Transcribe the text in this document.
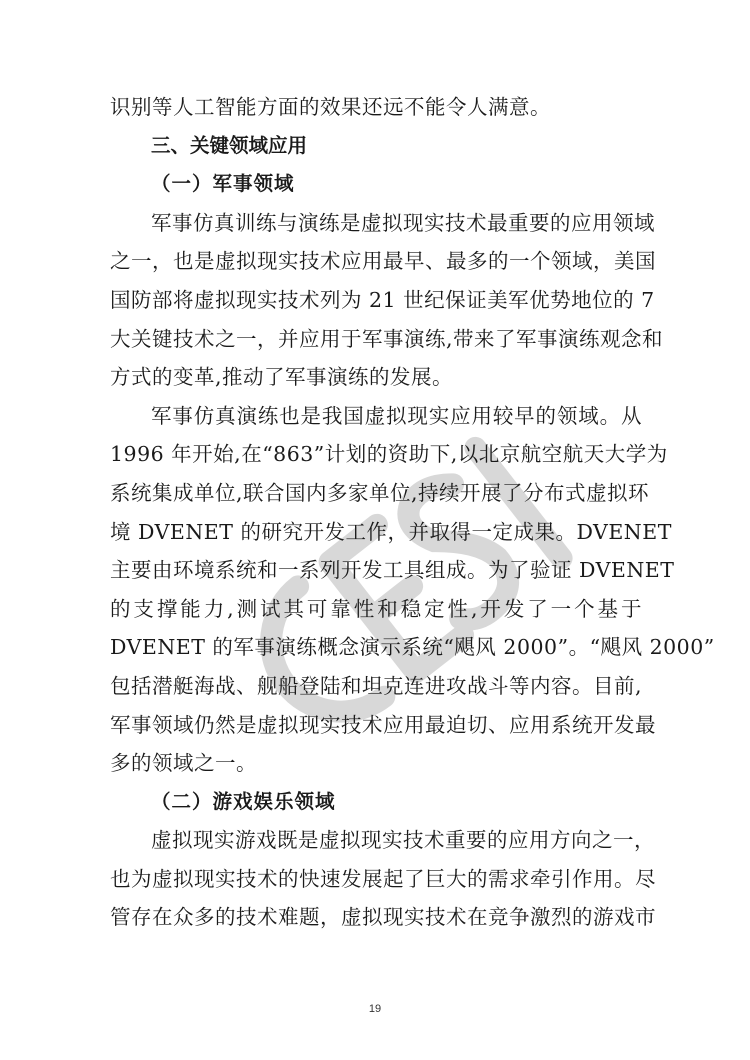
识别等人工智能方面的效果还远不能令人满意。
三、关键领域应用
（一）军事领域
军事仿真训练与演练是虚拟现实技术最重要的应用领域
之一，也是虚拟现实技术应用最早、最多的一个领域，美国
国防部将虚拟现实技术列为 21 世纪保证美军优势地位的 7
大关键技术之一，并应用于军事演练,带来了军事演练观念和
方式的变革,推动了军事演练的发展。
军事仿真演练也是我国虚拟现实应用较早的领域。从
1996 年开始,在“863”计划的资助下,以北京航空航天大学为
系统集成单位,联合国内多家单位,持续开展了分布式虚拟环
境 DVENET 的研究开发工作，并取得一定成果。DVENET
主要由环境系统和一系列开发工具组成。为了验证 DVENET
的支撑能力,测试其可靠性和稳定性,开发了一个基于
DVENET 的军事演练概念演示系统“飓风 2000”。“飓风 2000”
包括潜艇海战、舰船登陆和坦克连进攻战斗等内容。目前,
军事领域仍然是虚拟现实技术应用最迫切、应用系统开发最
多的领域之一。
（二）游戏娱乐领域
虚拟现实游戏既是虚拟现实技术重要的应用方向之一，
也为虚拟现实技术的快速发展起了巨大的需求牵引作用。尽
管存在众多的技术难题，虚拟现实技术在竞争激烈的游戏市
19
